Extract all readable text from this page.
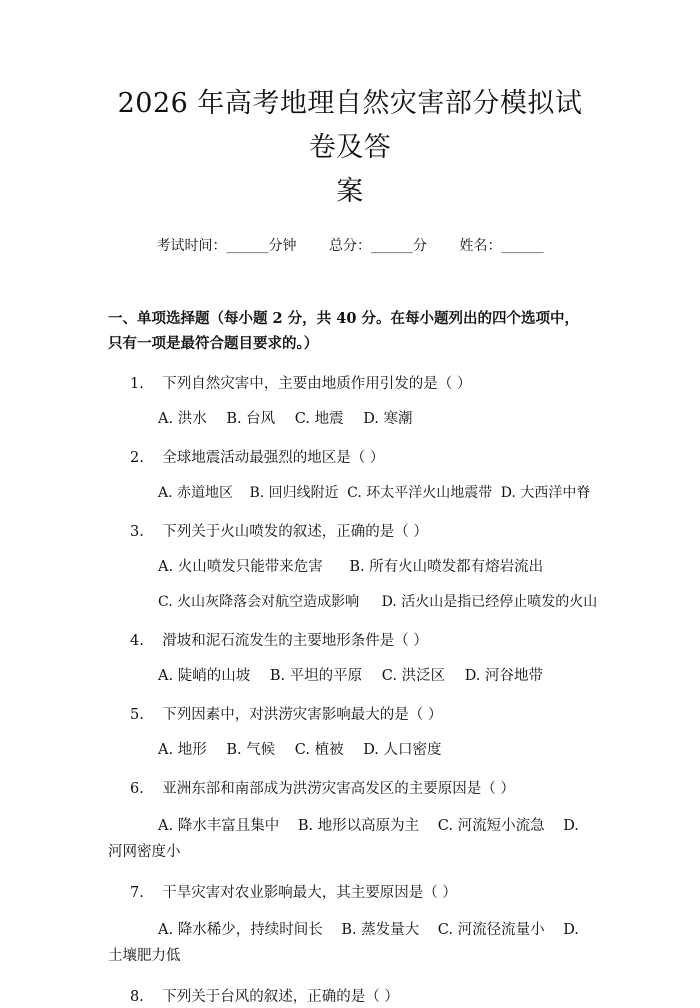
2026 年高考地理自然灾害部分模拟试卷及答
案
考试时间：______分钟 总分：______分 姓名：______
一、单项选择题（每小题 2 分，共 40 分。在每小题列出的四个选项中，只有一项是最符合题目要求的。）
1. 下列自然灾害中，主要由地质作用引发的是（ ）
A. 洪水 B. 台风 C. 地震 D. 寒潮
2. 全球地震活动最强烈的地区是（ ）
A. 赤道地区 B. 回归线附近 C. 环太平洋火山地震带 D. 大西洋中脊
3. 下列关于火山喷发的叙述，正确的是（ ）
A. 火山喷发只能带来危害 B. 所有火山喷发都有熔岩流出
C. 火山灰降落会对航空造成影响 D. 活火山是指已经停止喷发的火山
4. 滑坡和泥石流发生的主要地形条件是（ ）
A. 陡峭的山坡 B. 平坦的平原 C. 洪泛区 D. 河谷地带
5. 下列因素中，对洪涝灾害影响最大的是（ ）
A. 地形 B. 气候 C. 植被 D. 人口密度
6. 亚洲东部和南部成为洪涝灾害高发区的主要原因是（ ）
A. 降水丰富且集中 B. 地形以高原为主 C. 河流短小流急 D. 河网密度小
7. 干旱灾害对农业影响最大，其主要原因是（ ）
A. 降水稀少，持续时间长 B. 蒸发量大 C. 河流径流量小 D. 土壤肥力低
8. 下列关于台风的叙述，正确的是（ ）
